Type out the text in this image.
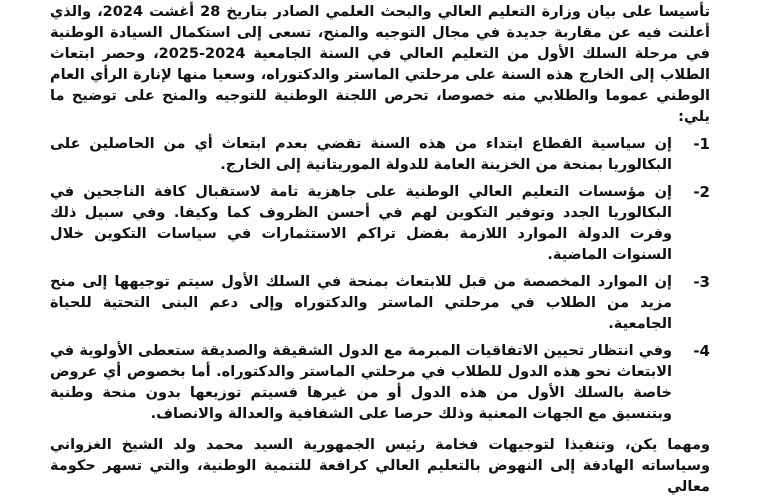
تأسيسا على بيان وزارة التعليم العالي والبحث العلمي الصادر بتاريخ 28 أغشت 2024، والذي أعلنت فيه عن مقاربة جديدة في مجال التوجيه والمنح، تسعى إلى استكمال السيادة الوطنية في مرحلة السلك الأول من التعليم العالي في السنة الجامعية 2024-2025، وحصر ابتعاث الطلاب إلى الخارج هذه السنة على مرحلتي الماستر والدكتوراه، وسعيا منها لإنارة الرأي العام الوطني عموما والطلابي منه خصوصا، تحرص اللجنة الوطنية للتوجيه والمنح على توضيح ما يلي:

-1
إن سياسية القطاع ابتداء من هذه السنة تقضي بعدم ابتعاث أي من الحاصلين على البكالوريا بمنحة من الخزينة العامة للدولة الموريتانية إلى الخارج.
-2
إن مؤسسات التعليم العالي الوطنية على جاهزية تامة لاستقبال كافة الناجحين في البكالوريا الجدد وتوفير التكوين لهم في أحسن الظروف كما وكيفا. وفي سبيل ذلك وفرت الدولة الموارد اللازمة بفضل تراكم الاستثمارات في سياسات التكوين خلال السنوات الماضية.
-3
إن الموارد المخصصة من قبل للابتعاث بمنحة في السلك الأول سيتم توجيهها إلى منح مزيد من الطلاب في مرحلتي الماستر والدكتوراه وإلى دعم البنى التحتية للحياة الجامعية.
-4
وفي انتظار تحيين الاتفاقيات المبرمة مع الدول الشقيقة والصديقة ستعطى الأولوية في الابتعاث نحو هذه الدول للطلاب في مرحلتي الماستر والدكتوراه. أما بخصوص أي عروض خاصة بالسلك الأول من هذه الدول أو من غيرها فسيتم توزيعها بدون منحة وطنية وبتنسيق مع الجهات المعنية وذلك حرصا على الشفافية والعدالة والانصاف.

ومهما يكن، وتنفيذا لتوجيهات فخامة رئيس الجمهورية السيد محمد ولد الشيخ الغزواني وسياساته الهادفة إلى النهوض بالتعليم العالي كرافعة للتنمية الوطنية، والتي تسهر حكومة معالي
